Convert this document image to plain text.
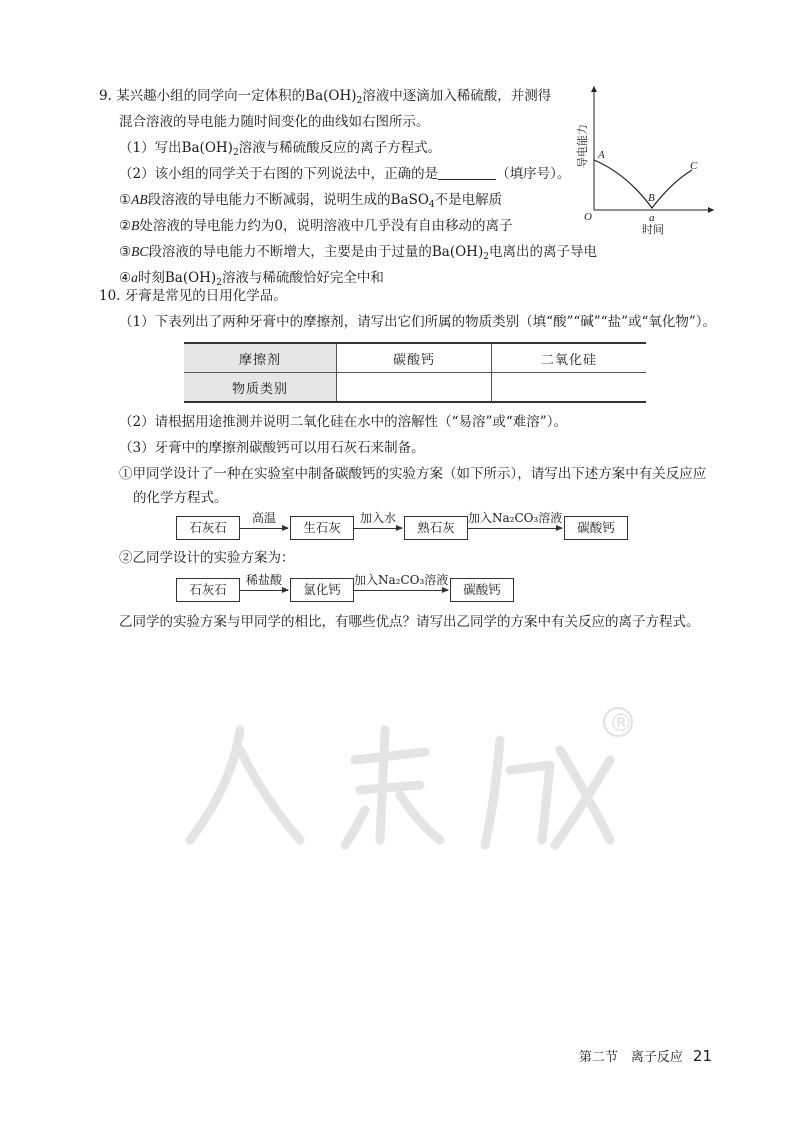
9. 某兴趣小组的同学向一定体积的$Ba(OH)_2$溶液中逐滴加入稀硫酸，并测得
混合溶液的导电能力随时间变化的曲线如右图所示。
（1）写出$Ba(OH)_2$溶液与稀硫酸反应的离子方程式。
（2）该小组的同学关于右图的下列说法中，正确的是	（填序号）。
①AB段溶液的导电能力不断减弱，说明生成的BaSO$_4$不是电解质
②B处溶液的导电能力约为0，说明溶液中几乎没有自由移动的离子
③BC段溶液的导电能力不断增大，主要是由于过量的$Ba(OH)_2$电离出的离子导电
④a时刻$Ba(OH)_2$溶液与稀硫酸恰好完全中和
导电能力
O
A
B
C
a
时间
10. 牙膏是常见的日用化学品。
（1）下表列出了两种牙膏中的摩擦剂，请写出它们所属的物质类别（填“酸”“碱”“盐”或“氧化物”）。
摩擦剂	碳酸钙	二氧化硅
物质类别		
（2）请根据用途推测并说明二氧化硅在水中的溶解性（“易溶”或“难溶”）。
（3）牙膏中的摩擦剂碳酸钙可以用石灰石来制备。
①甲同学设计了一种在实验室中制备碳酸钙的实验方案（如下所示），请写出下述方案中有关反应应
的化学方程式。
石灰石
高温
生石灰
加入水
熟石灰
加入Na₂CO₃溶液
碳酸钙
②乙同学设计的实验方案为：
石灰石
稀盐酸
氯化钙
加入Na₂CO₃溶液
碳酸钙
乙同学的实验方案与甲同学的相比，有哪些优点？请写出乙同学的方案中有关反应的离子方程式。
人教版
®
第二节　离子反应 21
